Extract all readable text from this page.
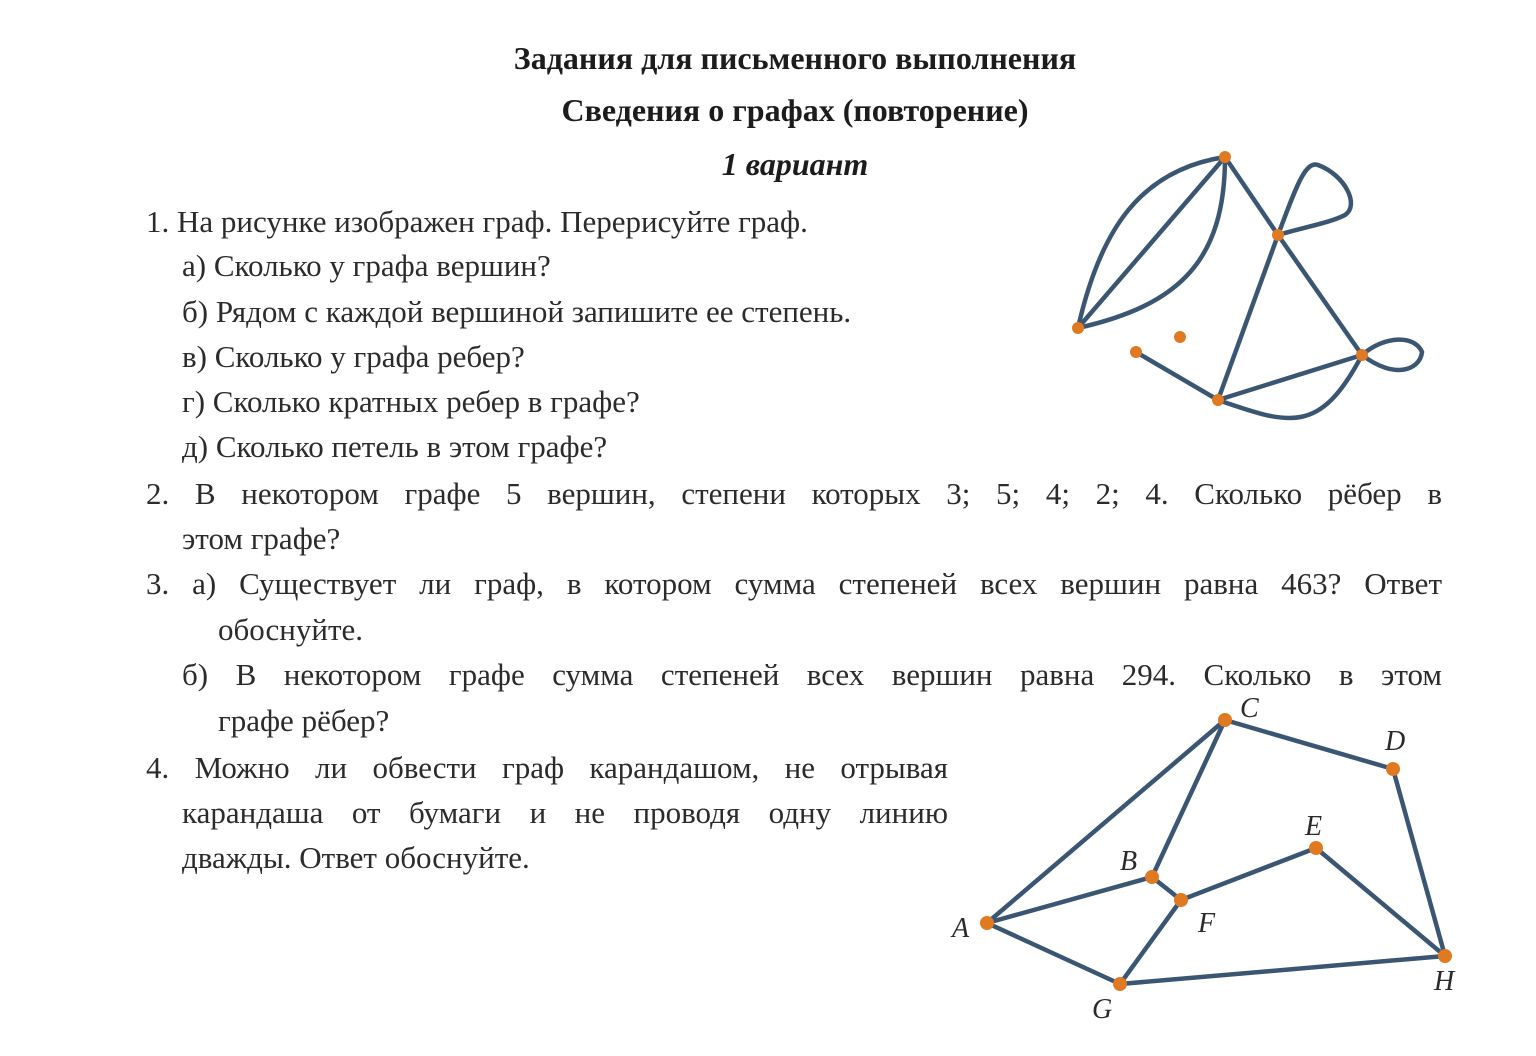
Задания для письменного выполнения
Сведения о графах (повторение)
1 вариант
1. На рисунке изображен граф. Перерисуйте граф.
а) Сколько у графа вершин?
б) Рядом с каждой вершиной запишите ее степень.
в) Сколько у графа ребер?
г) Сколько кратных ребер в графе?
д) Сколько петель в этом графе?
2. В некотором графе 5 вершин, степени которых 3; 5; 4; 2; 4. Сколько рёбер в
этом графе?
3. а) Существует ли граф, в котором сумма степеней всех вершин равна 463? Ответ
обоснуйте.
б) В некотором графе сумма степеней всех вершин равна 294. Сколько в этом
графе рёбер?
4. Можно ли обвести граф карандашом, не отрывая
карандаша от бумаги и не проводя одну линию
дважды. Ответ обоснуйте.
A
B
C
D
E
F
G
H
